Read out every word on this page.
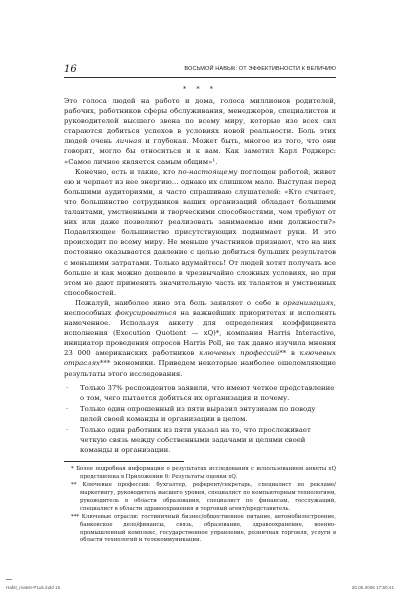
16	ВОСЬМОЙ НАВЫК: ОТ ЭФФЕКТИВНОСТИ К ВЕЛИЧИЮ
* * *

Это голоса людей на работе и дома, голоса миллионов родителей, рабочих, работников сферы обслуживания, менеджеров, специалистов и руководителей высшего звена по всему миру, которые изо всех сил стараются добиться успехов в условиях новой реальности. Боль этих людей очень личная и глубокая. Может быть, многое из того, что они говорят, могло бы относиться и к вам. Как заметил Карл Роджерс: «Самое личное является самым общим»¹.

Конечно, есть и такие, кто по-настоящему поглощен работой, живет ею и черпает из нее энергию… однако их слишком мало. Выступая перед большими аудиториями, я часто спрашиваю слушателей: «Кто считает, что большинство сотрудников ваших организаций обладает большими талантами, умственными и творческими способностями, чем требуют от них или даже позволяют реализовать занимаемые ими должности?» Подавляющее большинство присутствующих поднимает руки. И это происходит по всему миру. Не меньше участников признают, что на них постоянно оказывается давление с целью добиться бульших результатов с меньшими затратами. Только вдумайтесь! От людей хотят получать все больше и как можно дешевле в чрезвычайно сложных условиях, но при этом не дают применить значительную часть их талантов и умственных способностей.

Пожалуй, наиболее явно эта боль заявляет о себе в организациях, неспособных фокусироваться на важнейших приоритетах и исполнять намеченное. Используя анкету для определения коэффициента исполнения (Execution Quotient — xQ)*, компания Harris Interactive, инициатор проведения опросов Harris Poll, не так давно изучила мнения 23 000 американских работников ключевых профессий** в ключевых отраслях*** экономики. Приведем некоторые наиболее ошеломляющие результаты этого исследования.

· Только 37% респондентов заявили, что имеют четкое представление о том, чего пытается добиться их организация и почему.
· Только один опрошенный из пяти выразил энтузиазм по поводу целей своей команды и организации в целом.
· Только один работник из пяти указал на то, что прослеживает четкую связь между собственными задачами и целями своей команды и организации.

* Более подробная информация о результатах исследования с использованием анкеты xQ представлена в Приложении 6: Результаты оценки xQ.

** Ключевые профессии: бухгалтер, референт/секретарь, специалист по рекламе/маркетингу, руководитель высшего уровня, специалист по компьютерным технологиям, руководитель в области образования, специалист по финансам, госслужащий, специалист в области здравоохранения и торговый агент/представитель.

*** Ключевые отрасли: гостиничный бизнес/общественное питание, автомобилестроение, банковское дело/финансы, связь, образование, здравоохранение, военно-промышленный комплекс, государственное управление, розничная торговля, услуги в области технологий и телекоммуникации.

Habit_maket-P1uk.indd 16	20.05.2006 17:50:41
